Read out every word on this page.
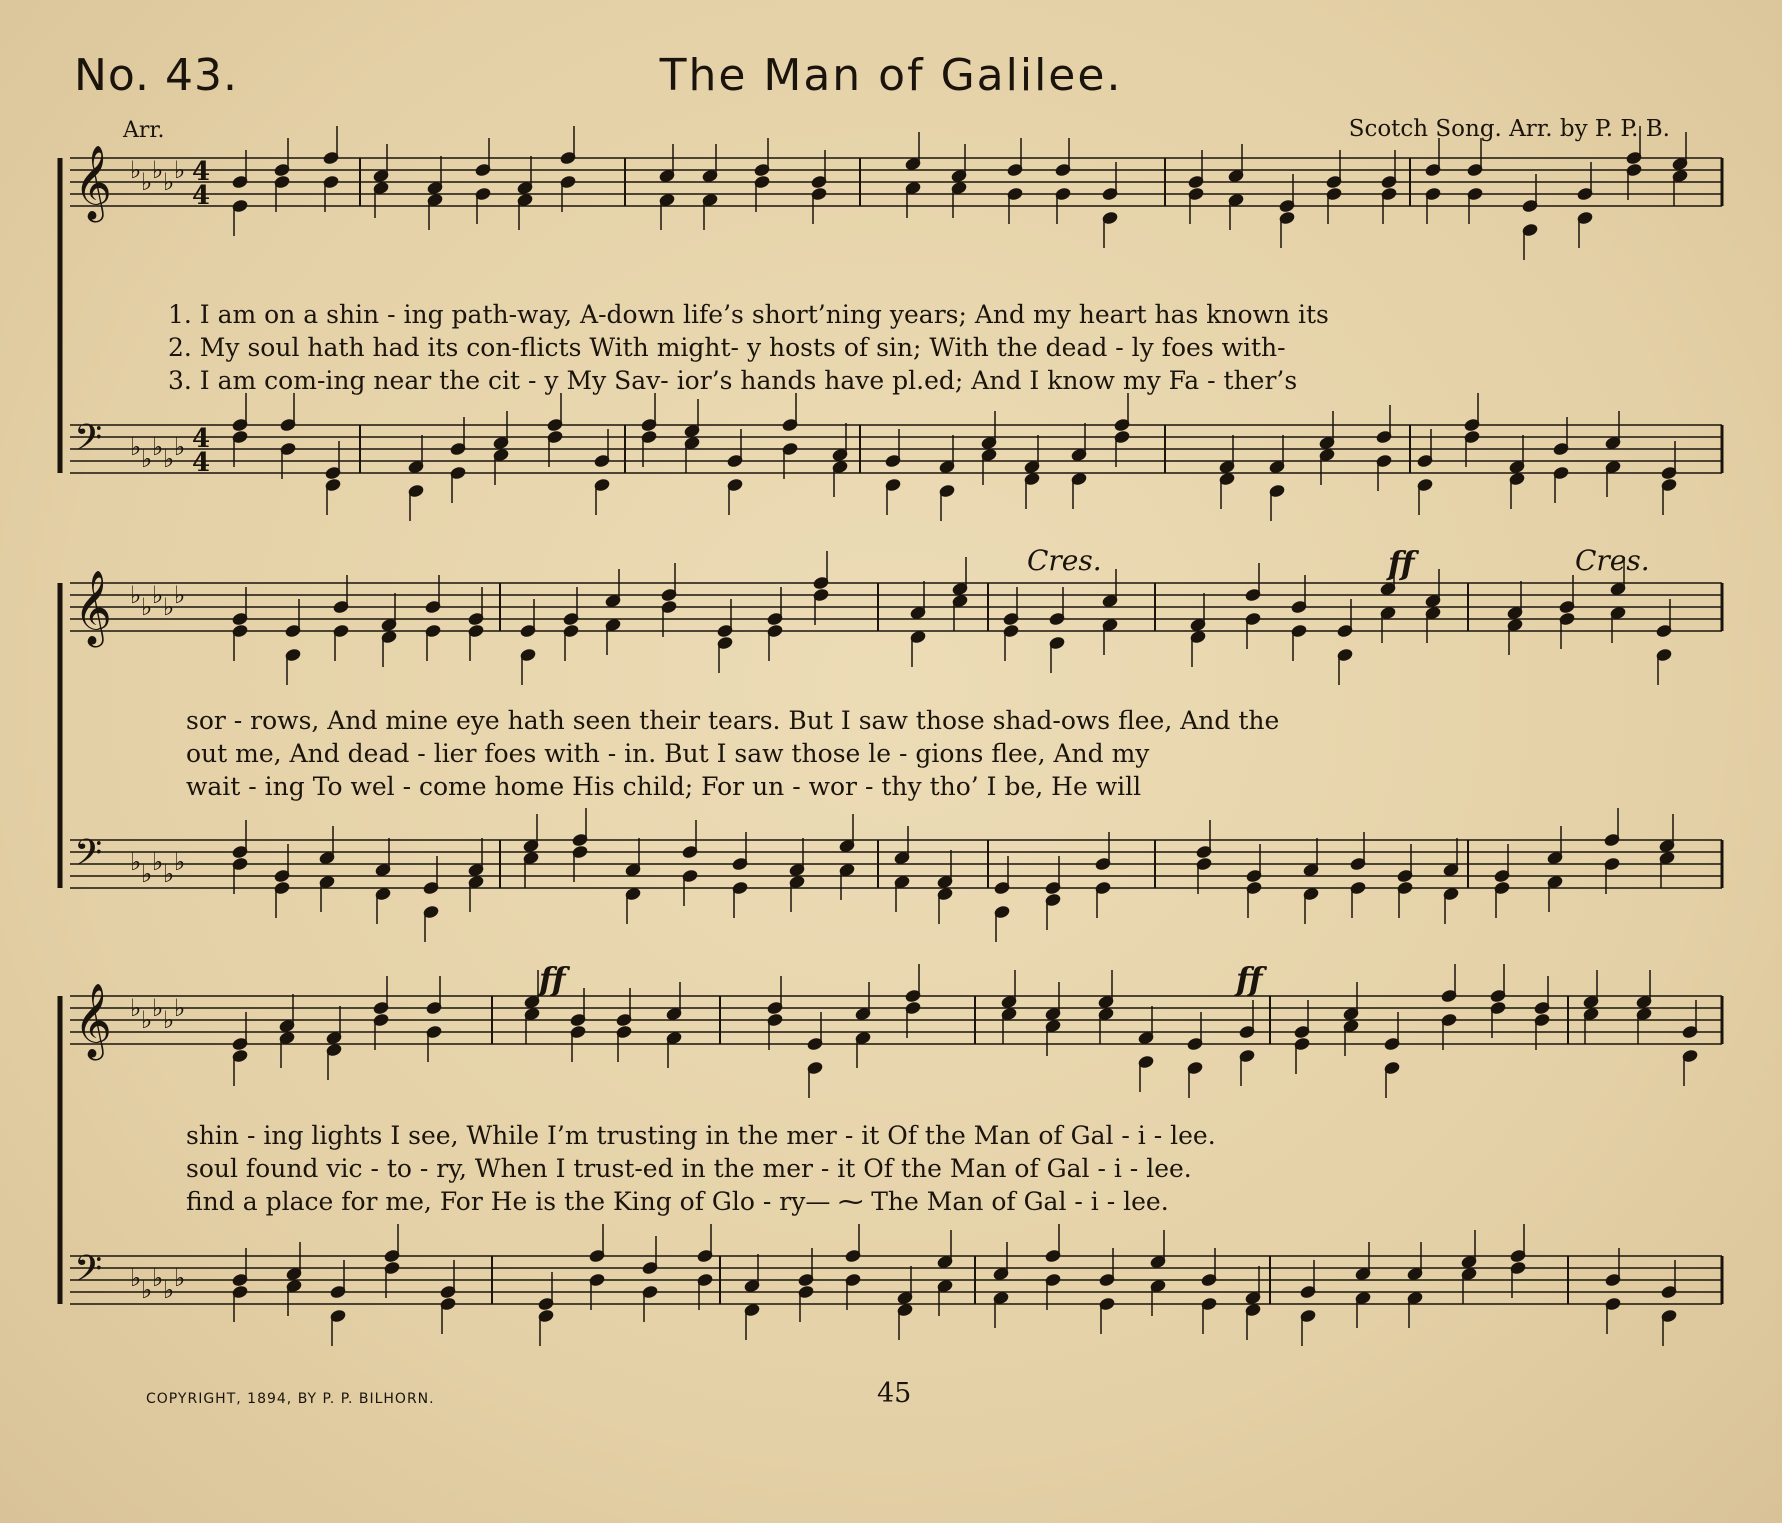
No. 43.	The Man of Galilee.
Arr.	Scotch Song. Arr. by P. P. B.
𝄞 ♭ ♭ ♭ ♭ ♭ 4
4
𝄢 ♭ ♭ ♭ ♭ ♭ 4
4
𝄞 ♭ ♭ ♭ ♭ ♭
𝄢 ♭ ♭ ♭ ♭ ♭
𝄞 ♭ ♭ ♭ ♭ ♭
𝄢 ♭ ♭ ♭ ♭ ♭
1. I am on a shin - ing path-way, A-down life’s short’ning years; And my heart has known its
2. My soul hath had its con-flicts With might- y hosts of sin; With the dead - ly foes with-
3. I am com-ing near the cit - y My Sav- ior’s hands have pl.ed; And I know my Fa - ther’s
sor - rows, And mine eye hath seen their tears. But I saw those shad-ows flee, And the
out me, And dead - lier foes with - in. But I saw those le - gions flee, And my
wait - ing To wel - come home His child; For un - wor - thy tho’ I be, He will
shin - ing lights I see, While I’m trusting in the mer - it Of the Man of Gal - i - lee.
soul found vic - to - ry, When I trust-ed in the mer - it Of the Man of Gal - i - lee.
find a place for me, For He is the King of Glo - ry— ⁓ The Man of Gal - i - lee.
Cres.	ff	Cres.
ff	ff
COPYRIGHT, 1894, BY P. P. BILHORN.	45
